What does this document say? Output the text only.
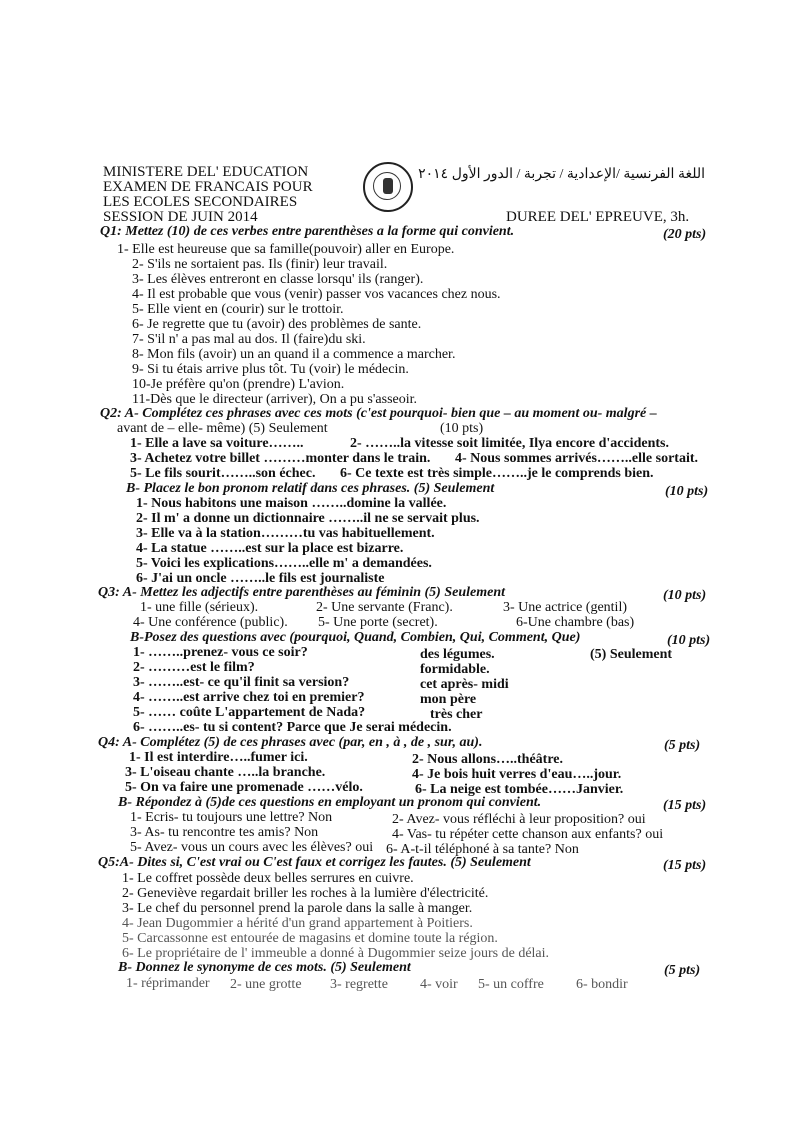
MINISTERE DEL' EDUCATION
EXAMEN DE FRANCAIS POUR
LES ECOLES SECONDAIRES
SESSION DE JUIN 2014
اللغة الفرنسية /الإعدادية / تجربة / الدور الأول ٢٠١٤
DUREE DEL' EPREUVE, 3h.
Q1: Mettez (10) de ces verbes entre parenthèses a la forme qui convient.	(20 pts)
1- Elle est heureuse que sa famille(pouvoir) aller en Europe.
2- S'ils ne sortaient pas. Ils (finir) leur travail.
3- Les élèves entreront en classe lorsqu' ils (ranger).
4- Il est probable que vous (venir) passer vos vacances chez nous.
5- Elle vient en (courir) sur le trottoir.
6- Je regrette que tu (avoir) des problèmes de sante.
7- S'il n' a pas mal au dos. Il (faire)du ski.
8- Mon fils (avoir) un an quand il a commence a marcher.
9- Si tu étais arrive plus tôt. Tu (voir) le médecin.
10-Je préfère qu'on (prendre) L'avion.
11-Dès que le directeur (arriver), On a pu s'asseoir.
Q2: A- Complétez ces phrases avec ces mots (c'est pourquoi- bien que – au moment ou- malgré –
avant de – elle- même) (5) Seulement	(10 pts)
1- Elle a lave sa voiture……..	2- ……..la vitesse soit limitée, Ilya encore d'accidents.
3- Achetez votre billet ………monter dans le train. 4- Nous sommes arrivés……..elle sortait.
5- Le fils sourit……..son échec. 6- Ce texte est très simple……..je le comprends bien.
B- Placez le bon pronom relatif dans ces phrases. (5) Seulement	(10 pts)
1- Nous habitons une maison ……..domine la vallée.
2- Il m' a donne un dictionnaire ……..il ne se servait plus.
3- Elle va à la station………tu vas habituellement.
4- La statue ……..est sur la place est bizarre.
5- Voici les explications……..elle m' a demandées.
6- J'ai un oncle ……..le fils est journaliste
Q3: A- Mettez les adjectifs entre parenthèses au féminin (5) Seulement	(10 pts)
1- une fille (sérieux).	2- Une servante (Franc).	3- Une actrice (gentil)
4- Une conférence (public). 5- Une porte (secret).	6-Une chambre (bas)
B-Posez des questions avec (pourquoi, Quand, Combien, Qui, Comment, Que)	(10 pts)
(5) Seulement
1- ……..prenez- vous ce soir?	des légumes.
2- ………est le film?	formidable.
3- ……..est- ce qu'il finit sa version?	cet après- midi
4- ……..est arrive chez toi en premier?	mon père
5- …… coûte L'appartement de Nada?	très cher
6- ……..es- tu si content? Parce que Je serai médecin.
Q4: A- Complétez (5) de ces phrases avec (par, en , à , de , sur, au).	(5 pts)
1- Il est interdire…..fumer ici.	2- Nous allons…..théâtre.
3- L'oiseau chante …..la branche.	4- Je bois huit verres d'eau…..jour.
5- On va faire une promenade ……vélo.	6- La neige est tombée……Janvier.
B- Répondez à (5)de ces questions en employant un pronom qui convient.	(15 pts)
1- Ecris- tu toujours une lettre? Non	2- Avez- vous réfléchi à leur proposition? oui
3- As- tu rencontre tes amis? Non	4- Vas- tu répéter cette chanson aux enfants? oui
5- Avez- vous un cours avec les élèves? oui 6- A-t-il téléphoné à sa tante? Non
Q5:A- Dites si, C'est vrai ou C'est faux et corrigez les fautes. (5) Seulement	(15 pts)
1- Le coffret possède deux belles serrures en cuivre.
2- Geneviève regardait briller les roches à la lumière d'électricité.
3- Le chef du personnel prend la parole dans la salle à manger.
4- Jean Dugommier a hérité d'un grand appartement à Poitiers.
5- Carcassonne est entourée de magasins et domine toute la région.
6- Le propriétaire de l' immeuble a donné à Dugommier seize jours de délai.
B- Donnez le synonyme de ces mots. (5) Seulement	(5 pts)
1- réprimander 2- une grotte 3- regrette 4- voir 5- un coffre 6- bondir
